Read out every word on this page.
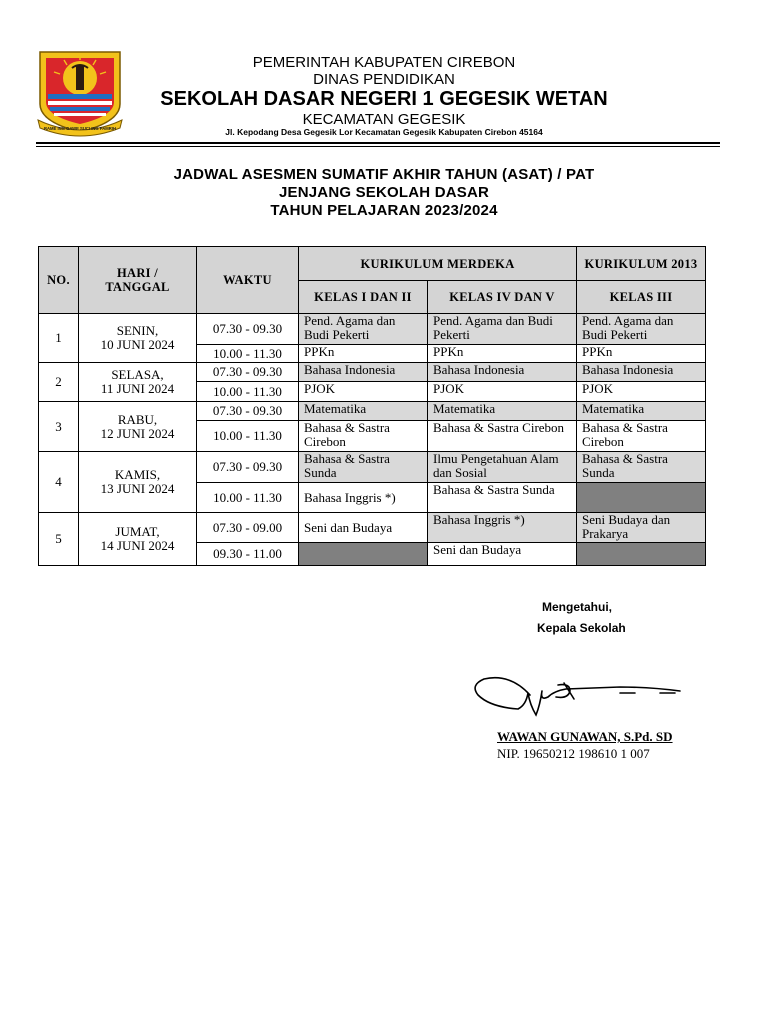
RAME ING GAWE SUCI ING PAMRIH
PEMERINTAH KABUPATEN CIREBON
DINAS PENDIDIKAN
SEKOLAH DASAR NEGERI 1 GEGESIK WETAN
KECAMATAN GEGESIK
Jl. Kepodang Desa Gegesik Lor Kecamatan Gegesik Kabupaten Cirebon 45164
JADWAL ASESMEN SUMATIF AKHIR TAHUN (ASAT) / PAT
JENJANG SEKOLAH DASAR
TAHUN PELAJARAN 2023/2024
NO.	HARI / TANGGAL	WAKTU	KURIKULUM MERDEKA		KURIKULUM 2013
			KELAS I DAN II	KELAS IV DAN V	KELAS III
1	SENIN,
10 JUNI 2024	07.30 - 09.30	Pend. Agama dan Budi Pekerti	Pend. Agama dan Budi Pekerti	Pend. Agama dan Budi Pekerti
		10.00 - 11.30	PPKn	PPKn	PPKn
2	SELASA,
11 JUNI 2024	07.30 - 09.30	Bahasa Indonesia	Bahasa Indonesia	Bahasa Indonesia
		10.00 - 11.30	PJOK	PJOK	PJOK
3	RABU,
12 JUNI 2024	07.30 - 09.30	Matematika	Matematika	Matematika
		10.00 - 11.30	Bahasa & Sastra Cirebon	Bahasa & Sastra Cirebon	Bahasa & Sastra Cirebon
4	KAMIS,
13 JUNI 2024	07.30 - 09.30	Bahasa & Sastra Sunda	Ilmu Pengetahuan Alam dan Sosial	Bahasa & Sastra Sunda
		10.00 - 11.30	Bahasa Inggris *)	Bahasa & Sastra Sunda	
5	JUMAT,
14 JUNI 2024	07.30 - 09.00	Seni dan Budaya	Bahasa Inggris *)	Seni Budaya dan Prakarya
		09.30 - 11.00		Seni dan Budaya	
Mengetahui,
Kepala Sekolah
WAWAN GUNAWAN, S.Pd. SD
NIP. 19650212 198610 1 007
